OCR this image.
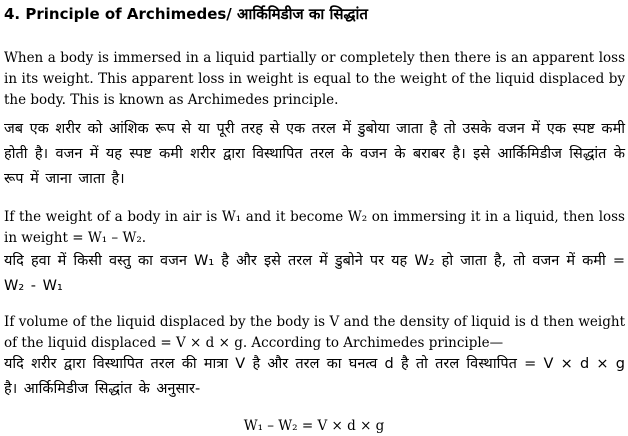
4. Principle of Archimedes/ आर्किमिडीज का सिद्धांत

When a body is immersed in a liquid partially or completely then there is an apparent loss in its weight. This apparent loss in weight is equal to the weight of the liquid displaced by the body. This is known as Archimedes principle.

जब एक शरीर को आंशिक रूप से या पूरी तरह से एक तरल में डुबोया जाता है तो उसके वजन में एक स्पष्ट कमी होती है। वजन में यह स्पष्ट कमी शरीर द्वारा विस्थापित तरल के वजन के बराबर है। इसे आर्किमिडीज सिद्धांत के रूप में जाना जाता है।

If the weight of a body in air is W₁ and it become W₂ on immersing it in a liquid, then loss in weight = W₁ – W₂.

यदि हवा में किसी वस्तु का वजन W₁ है और इसे तरल में डुबोने पर यह W₂ हो जाता है, तो वजन में कमी = W₂ - W₁

If volume of the liquid displaced by the body is V and the density of liquid is d then weight of the liquid displaced = V × d × g. According to Archimedes principle—

यदि शरीर द्वारा विस्थापित तरल की मात्रा V है और तरल का घनत्व d है तो तरल विस्थापित = V × d × g है। आर्किमिडीज सिद्धांत के अनुसार-

W₁ – W₂ = V × d × g
